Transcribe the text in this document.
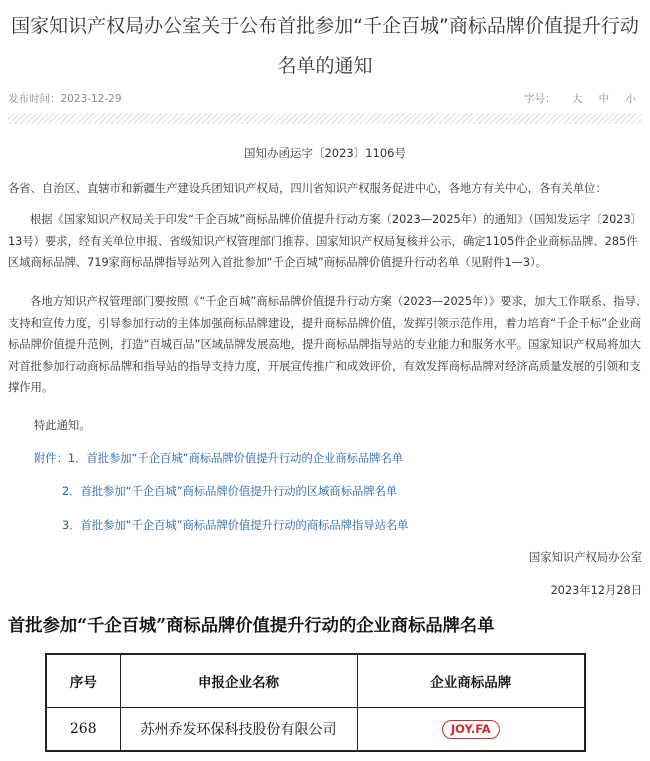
国家知识产权局办公室关于公布首批参加“千企百城”商标品牌价值提升行动
名单的通知
发布时间：2023-12-29	字号： 大 中 小
国知办函运字〔2023〕1106号
各省、自治区、直辖市和新疆生产建设兵团知识产权局，四川省知识产权服务促进中心，各地方有关中心，各有关单位：
根据《国家知识产权局关于印发“千企百城”商标品牌价值提升行动方案（2023—2025年）的通知》（国知发运字〔2023〕13号）要求，经有关单位申报、省级知识产权管理部门推荐、国家知识产权局复核并公示，确定1105件企业商标品牌、285件区域商标品牌、719家商标品牌指导站列入首批参加“千企百城”商标品牌价值提升行动名单（见附件1—3）。
各地方知识产权管理部门要按照《“千企百城”商标品牌价值提升行动方案（2023—2025年）》要求，加大工作联系、指导、支持和宣传力度，引导参加行动的主体加强商标品牌建设，提升商标品牌价值，发挥引领示范作用，着力培育“千企千标”企业商标品牌价值提升范例，打造“百城百品”区域品牌发展高地，提升商标品牌指导站的专业能力和服务水平。国家知识产权局将加大对首批参加行动商标品牌和指导站的指导支持力度，开展宣传推广和成效评价，有效发挥商标品牌对经济高质量发展的引领和支撑作用。
特此通知。
附件：1．首批参加“千企百城”商标品牌价值提升行动的企业商标品牌名单
2．首批参加“千企百城”商标品牌价值提升行动的区域商标品牌名单
3．首批参加“千企百城”商标品牌价值提升行动的商标品牌指导站名单
国家知识产权局办公室
2023年12月28日
首批参加“千企百城”商标品牌价值提升行动的企业商标品牌名单
序号	申报企业名称	企业商标品牌
268	苏州乔发环保科技股份有限公司	JOY.FA
